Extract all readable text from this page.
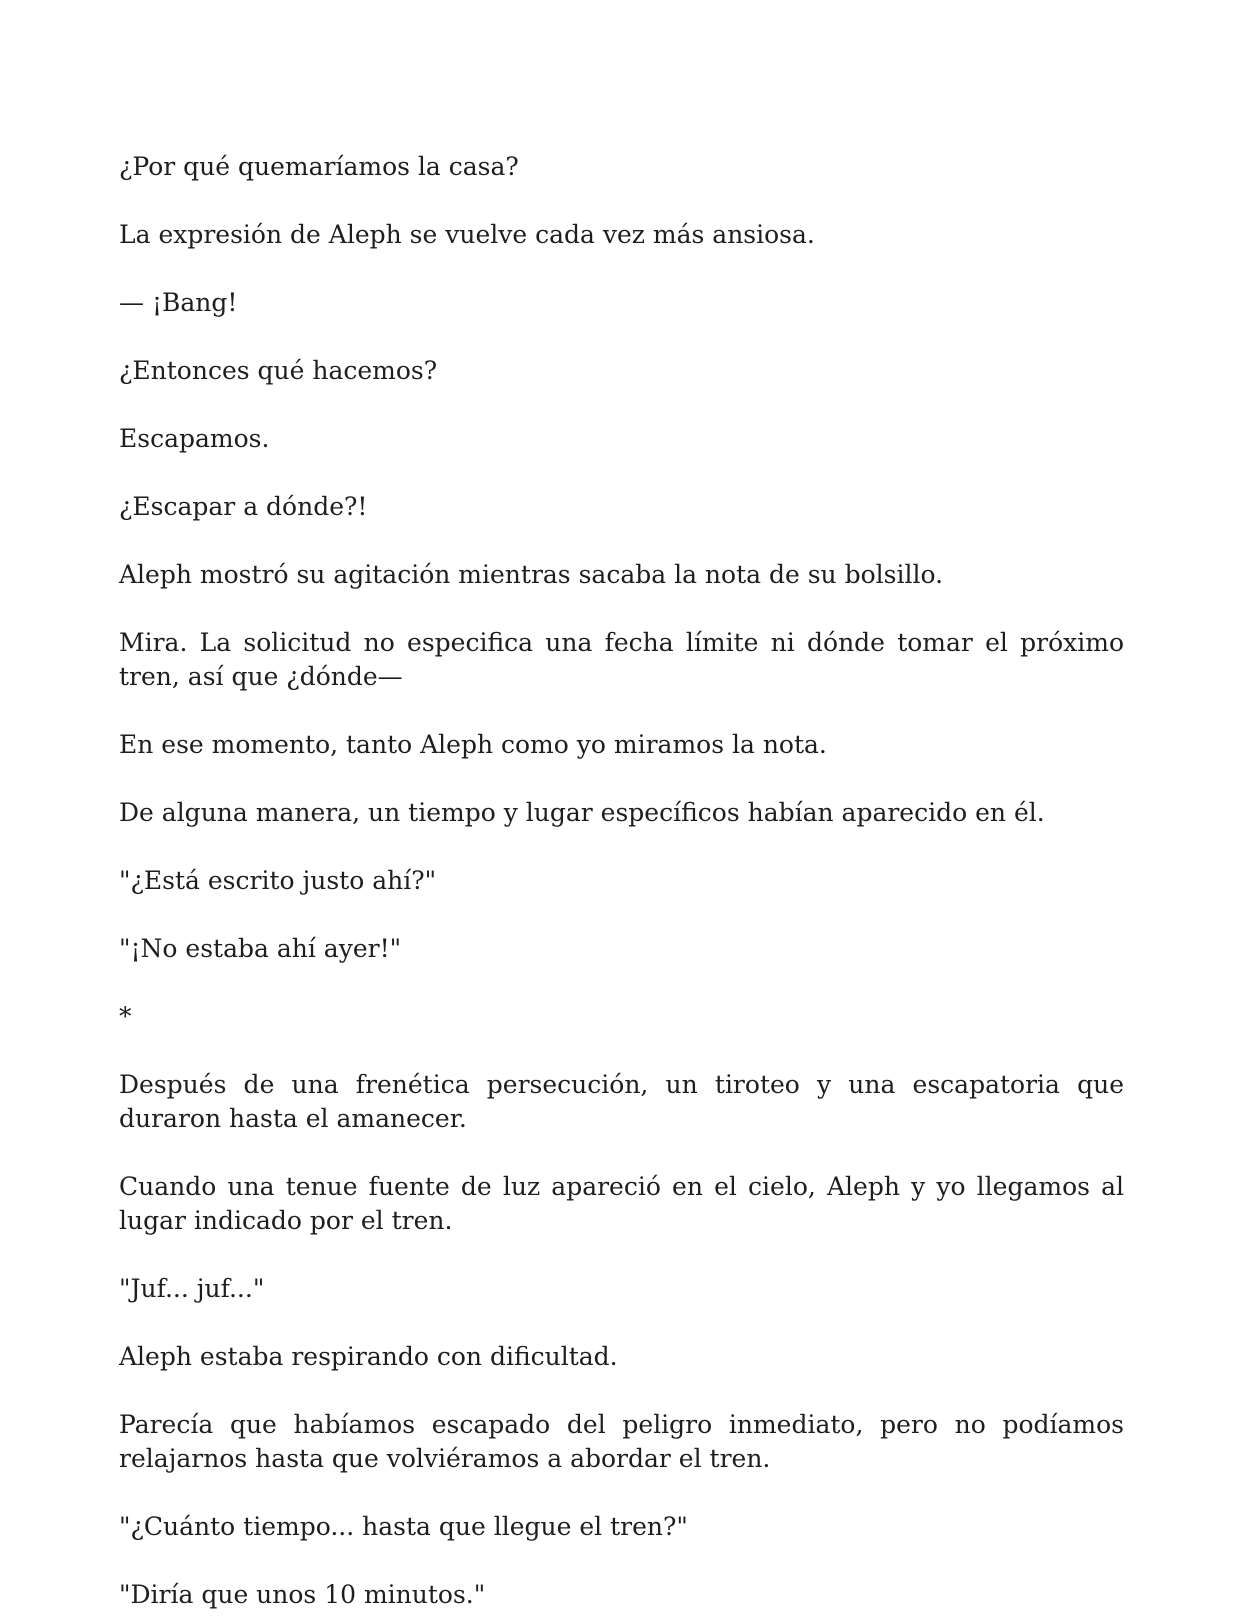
¿Por qué quemaríamos la casa?

La expresión de Aleph se vuelve cada vez más ansiosa.

— ¡Bang!

¿Entonces qué hacemos?

Escapamos.

¿Escapar a dónde?!

Aleph mostró su agitación mientras sacaba la nota de su bolsillo.

Mira. La solicitud no especifica una fecha límite ni dónde tomar el próximo tren, así que ¿dónde—

En ese momento, tanto Aleph como yo miramos la nota.

De alguna manera, un tiempo y lugar específicos habían aparecido en él.

"¿Está escrito justo ahí?"

"¡No estaba ahí ayer!"

*

Después de una frenética persecución, un tiroteo y una escapatoria que duraron hasta el amanecer.

Cuando una tenue fuente de luz apareció en el cielo, Aleph y yo llegamos al lugar indicado por el tren.

"Juf... juf..."

Aleph estaba respirando con dificultad.

Parecía que habíamos escapado del peligro inmediato, pero no podíamos relajarnos hasta que volviéramos a abordar el tren.

"¿Cuánto tiempo... hasta que llegue el tren?"

"Diría que unos 10 minutos."
